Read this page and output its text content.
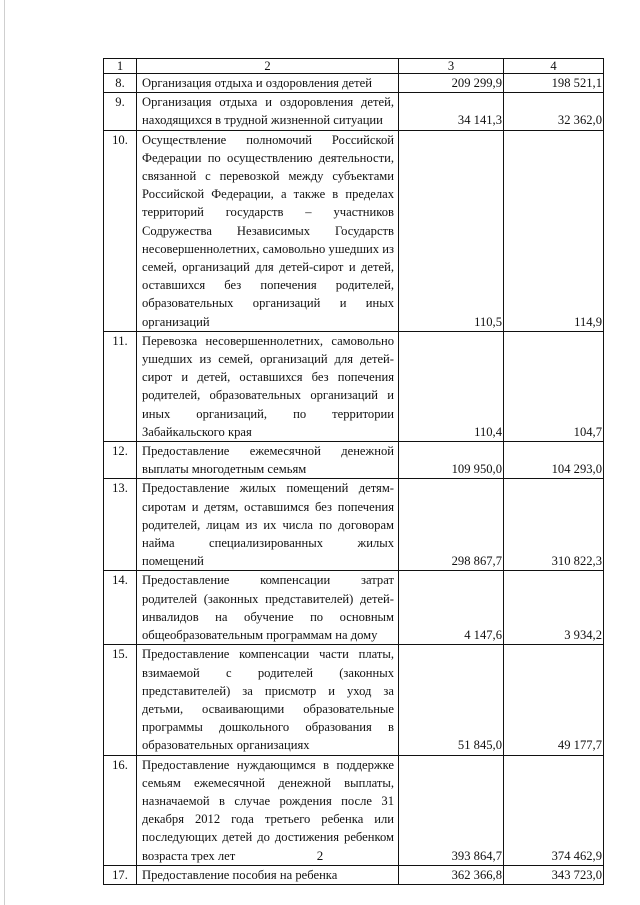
1	2	3	4
8.	Организация отдыха и оздоровления детей	209 299,9	198 521,1
9.	Организация отдыха и оздоровления детей, находящихся в трудной жизненной ситуации	34 141,3	32 362,0
10.	Осуществление полномочий Российской Федерации по осуществлению деятельности, связанной с перевозкой между субъектами Российской Федерации, а также в пределах территорий государств – участников Содружества Независимых Государств несовершеннолетних, самовольно ушедших из семей, организаций для детей-сирот и детей, оставшихся без попечения родителей, образовательных организаций и иных организаций	110,5	114,9
11.	Перевозка несовершеннолетних, самовольно ушедших из семей, организаций для детей-сирот и детей, оставшихся без попечения родителей, образовательных организаций и иных организаций, по территории Забайкальского края	110,4	104,7
12.	Предоставление ежемесячной денежной выплаты многодетным семьям	109 950,0	104 293,0
13.	Предоставление жилых помещений детям-сиротам и детям, оставшимся без попечения родителей, лицам из их числа по договорам найма специализированных жилых помещений	298 867,7	310 822,3
14.	Предоставление компенсации затрат родителей (законных представителей) детей-инвалидов на обучение по основным общеобразовательным программам на дому	4 147,6	3 934,2
15.	Предоставление компенсации части платы, взимаемой с родителей (законных представителей) за присмотр и уход за детьми, осваивающими образовательные программы дошкольного образования в образовательных организациях	51 845,0	49 177,7
16.	Предоставление нуждающимся в поддержке семьям ежемесячной денежной выплаты, назначаемой в случае рождения после 31 декабря 2012 года третьего ребенка или последующих детей до достижения ребенком возраста трех лет	393 864,7	374 462,9
17.	Предоставление пособия на ребенка	362 366,8	343 723,0
2
